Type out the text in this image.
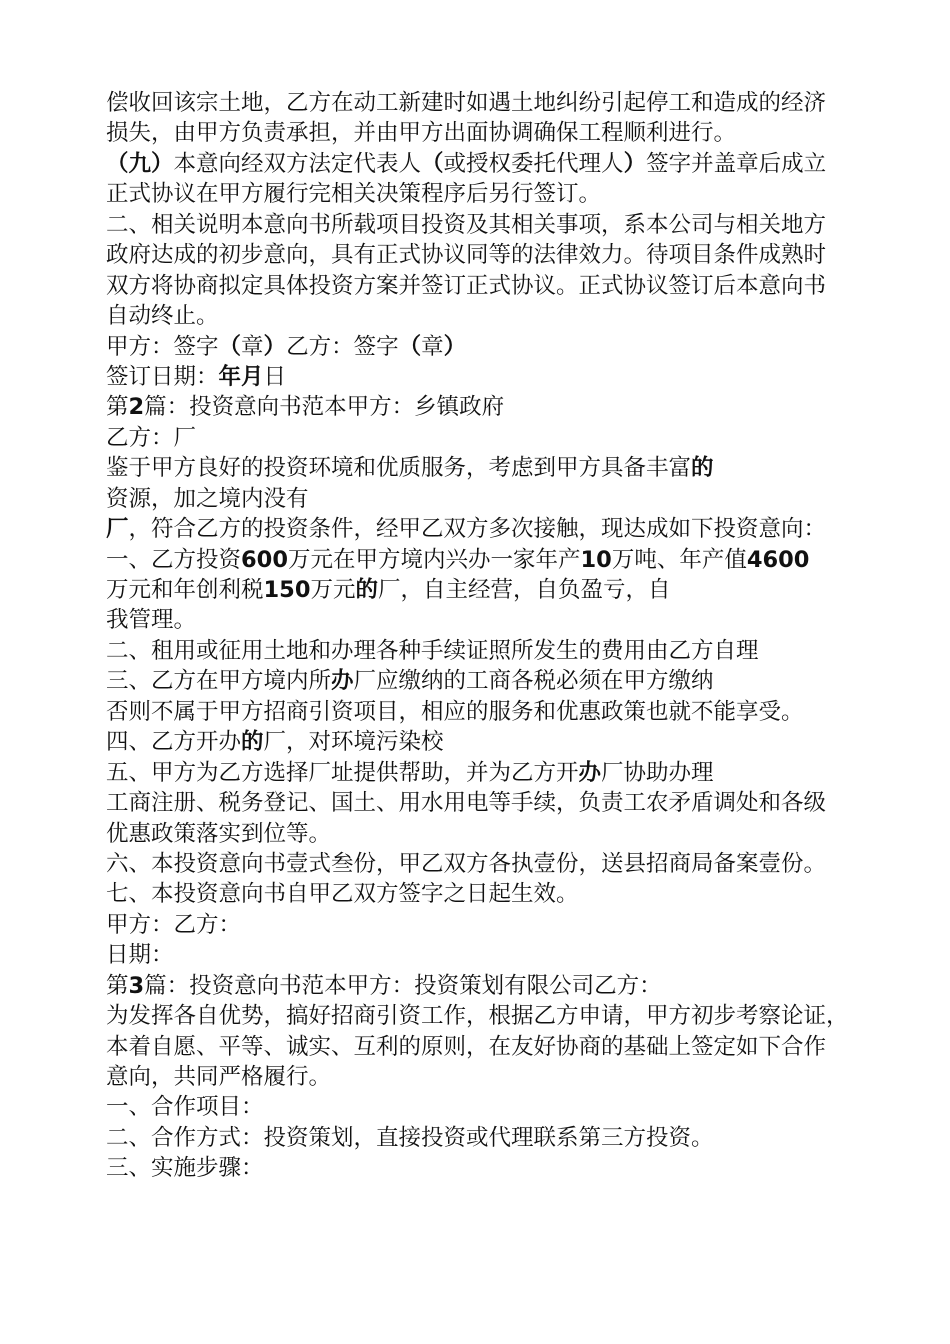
偿收回该宗土地，乙方在动工新建时如遇土地纠纷引起停工和造成的经济
损失，由甲方负责承担，并由甲方出面协调确保工程顺利进行。
（九）本意向经双方法定代表人（或授权委托代理人）签字并盖章后成立
正式协议在甲方履行完相关决策程序后另行签订。
二、相关说明本意向书所载项目投资及其相关事项，系本公司与相关地方
政府达成的初步意向，具有正式协议同等的法律效力。待项目条件成熟时
双方将协商拟定具体投资方案并签订正式协议。正式协议签订后本意向书
自动终止。
甲方：签字（章）乙方：签字（章）
签订日期：年月日
第2篇：投资意向书范本甲方：乡镇政府
乙方：厂
鉴于甲方良好的投资环境和优质服务，考虑到甲方具备丰富的
资源，加之境内没有
厂，符合乙方的投资条件，经甲乙双方多次接触，现达成如下投资意向：
一、乙方投资600万元在甲方境内兴办一家年产10万吨、年产值4600
万元和年创利税150万元的厂，自主经营，自负盈亏，自
我管理。
二、租用或征用土地和办理各种手续证照所发生的费用由乙方自理
三、乙方在甲方境内所办厂应缴纳的工商各税必须在甲方缴纳
否则不属于甲方招商引资项目，相应的服务和优惠政策也就不能享受。
四、乙方开办的厂，对环境污染校
五、甲方为乙方选择厂址提供帮助，并为乙方开办厂协助办理
工商注册、税务登记、国土、用水用电等手续，负责工农矛盾调处和各级
优惠政策落实到位等。
六、本投资意向书壹式叁份，甲乙双方各执壹份，送县招商局备案壹份。
七、本投资意向书自甲乙双方签字之日起生效。
甲方：乙方：
日期：
第3篇：投资意向书范本甲方：投资策划有限公司乙方：
为发挥各自优势，搞好招商引资工作，根据乙方申请，甲方初步考察论证，
本着自愿、平等、诚实、互利的原则，在友好协商的基础上签定如下合作
意向，共同严格履行。
一、合作项目：
二、合作方式：投资策划，直接投资或代理联系第三方投资。
三、实施步骤：
